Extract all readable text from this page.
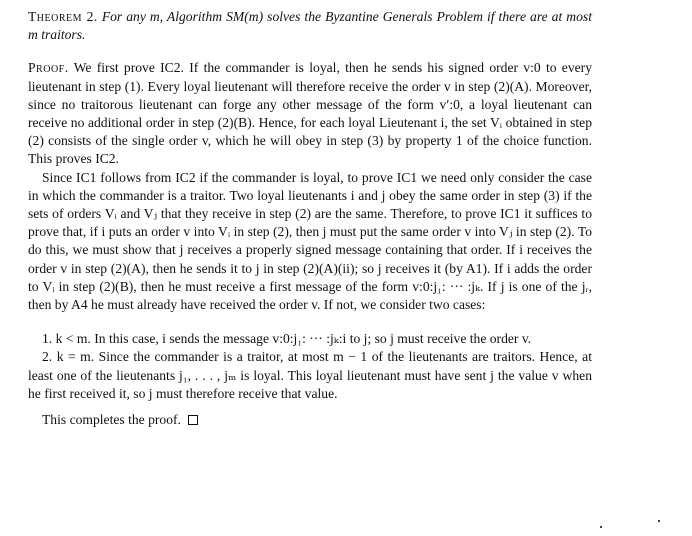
Theorem 2. For any m, Algorithm SM(m) solves the Byzantine Generals Problem if there are at most m traitors.

Proof. We first prove IC2. If the commander is loyal, then he sends his signed order v:0 to every lieutenant in step (1). Every loyal lieutenant will therefore receive the order v in step (2)(A). Moreover, since no traitorous lieutenant can forge any other message of the form v′:0, a loyal lieutenant can receive no additional order in step (2)(B). Hence, for each loyal Lieutenant i, the set Vᵢ obtained in step (2) consists of the single order v, which he will obey in step (3) by property 1 of the choice function. This proves IC2.

Since IC1 follows from IC2 if the commander is loyal, to prove IC1 we need only consider the case in which the commander is a traitor. Two loyal lieutenants i and j obey the same order in step (3) if the sets of orders Vᵢ and Vⱼ that they receive in step (2) are the same. Therefore, to prove IC1 it suffices to prove that, if i puts an order v into Vᵢ in step (2), then j must put the same order v into Vⱼ in step (2). To do this, we must show that j receives a properly signed message containing that order. If i receives the order v in step (2)(A), then he sends it to j in step (2)(A)(ii); so j receives it (by A1). If i adds the order to Vᵢ in step (2)(B), then he must receive a first message of the form v:0:j₁: ··· :jₖ. If j is one of the jᵣ, then by A4 he must already have received the order v. If not, we consider two cases:

1. k < m. In this case, i sends the message v:0:j₁: ··· :jₖ:i to j; so j must receive the order v.

2. k = m. Since the commander is a traitor, at most m − 1 of the lieutenants are traitors. Hence, at least one of the lieutenants j₁, . . . , jₘ is loyal. This loyal lieutenant must have sent j the value v when he first received it, so j must therefore receive that value.

This completes the proof.
